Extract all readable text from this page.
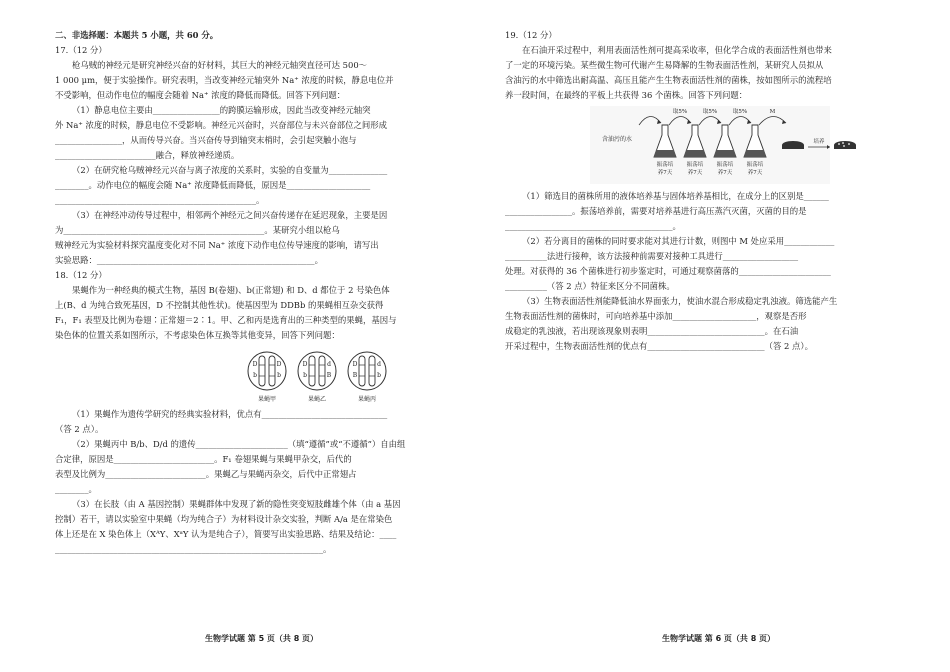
二、非选择题：本题共 5 小题，共 60 分。
17.（12 分）
枪乌贼的神经元是研究神经兴奋的好材料，其巨大的神经元轴突直径可达 500～
1 000 μm，便于实验操作。研究表明，当改变神经元轴突外 Na⁺ 浓度的时候，静息电位并
不受影响，但动作电位的幅度会随着 Na⁺ 浓度的降低而降低。回答下列问题：
（1）静息电位主要由________________的跨膜运输形成，因此当改变神经元轴突
外 Na⁺ 浓度的时候，静息电位不受影响。神经元兴奋时，兴奋部位与未兴奋部位之间形成
________________，从而传导兴奋。当兴奋传导到轴突末梢时，会引起突触小泡与
________________________融合，释放神经递质。
（2）在研究枪乌贼神经元兴奋与离子浓度的关系时，实验的自变量为______________
________。动作电位的幅度会随 Na⁺ 浓度降低而降低，原因是____________________
________________________________________________。
（3）在神经冲动传导过程中，相邻两个神经元之间兴奋传递存在延迟现象，主要是因
为________________________________________________。某研究小组以枪乌
贼神经元为实验材料探究温度变化对不同 Na⁺ 浓度下动作电位传导速度的影响，请写出
实验思路：____________________________________________________。
18.（12 分）
果蝇作为一种经典的模式生物，基因 B(卷翅)、b(正常翅) 和 D、d 都位于 2 号染色体
上(B、d 为纯合致死基因，D 不控制其他性状)。使基因型为 DDBb 的果蝇相互杂交获得
F₁，F₁ 表型及比例为卷翅∶正常翅＝2∶1。甲、乙和丙是选育出的三种类型的果蝇，基因与
染色体的位置关系如图所示，不考虑染色体互换等其他变异，回答下列问题：
D
b
D
b
果蝇甲
D
b
d
B
果蝇乙
D
B
d
b
果蝇丙
（1）果蝇作为遗传学研究的经典实验材料，优点有______________________________
（答 2 点）。
（2）果蝇丙中 B/b、D/d 的遗传______________________（填“遵循”或“不遵循”）自由组
合定律，原因是________________________。F₁ 卷翅果蝇与果蝇甲杂交，后代的
表型及比例为________________________。果蝇乙与果蝇丙杂交，后代中正常翅占
________。
（3）在长肢（由 A 基因控制）果蝇群体中发现了新的隐性突变短肢雌雄个体（由 a 基因
控制）若干，请以实验室中果蝇（均为纯合子）为材料设计杂交实验，判断 A/a 是在常染色
体上还是在 X 染色体上（XᴬY、XᵃY 认为是纯合子），简要写出实验思路、结果及结论：____
________________________________________________________________。
19.（12 分）
在石油开采过程中，利用表面活性剂可提高采收率，但化学合成的表面活性剂也带来
了一定的环境污染。某些微生物可代谢产生易降解的生物表面活性剂，某研究人员拟从
含油污的水中筛选出耐高温、高压且能产生生物表面活性剂的菌株，按如图所示的流程培
养一段时间，在最终的平板上共获得 36 个菌株。回答下列问题：
含油污的水
振荡培
养7天
振荡培
养7天
振荡培
养7天
振荡培
养7天
取5%	取5%	取5%	M
培养
（1）筛选目的菌株所用的液体培养基与固体培养基相比，在成分上的区别是______
________________。振荡培养前，需要对培养基进行高压蒸汽灭菌，灭菌的目的是
________________________________________。
（2）若分离目的菌株的同时要求能对其进行计数，则图中 M 处应采用____________
__________法进行接种，该方法接种前需要对接种工具进行__________________
处理。对获得的 36 个菌株进行初步鉴定时，可通过观察菌落的______________________
__________（答 2 点）特征来区分不同菌株。
（3）生物表面活性剂能降低油水界面张力，使油水混合形成稳定乳浊液。筛选能产生
生物表面活性剂的菌株时，可向培养基中添加____________________，观察是否形
成稳定的乳浊液，若出现该现象则表明____________________________。在石油
开采过程中，生物表面活性剂的优点有____________________________（答 2 点）。
生物学试题 第 5 页（共 8 页）	生物学试题 第 6 页（共 8 页）
